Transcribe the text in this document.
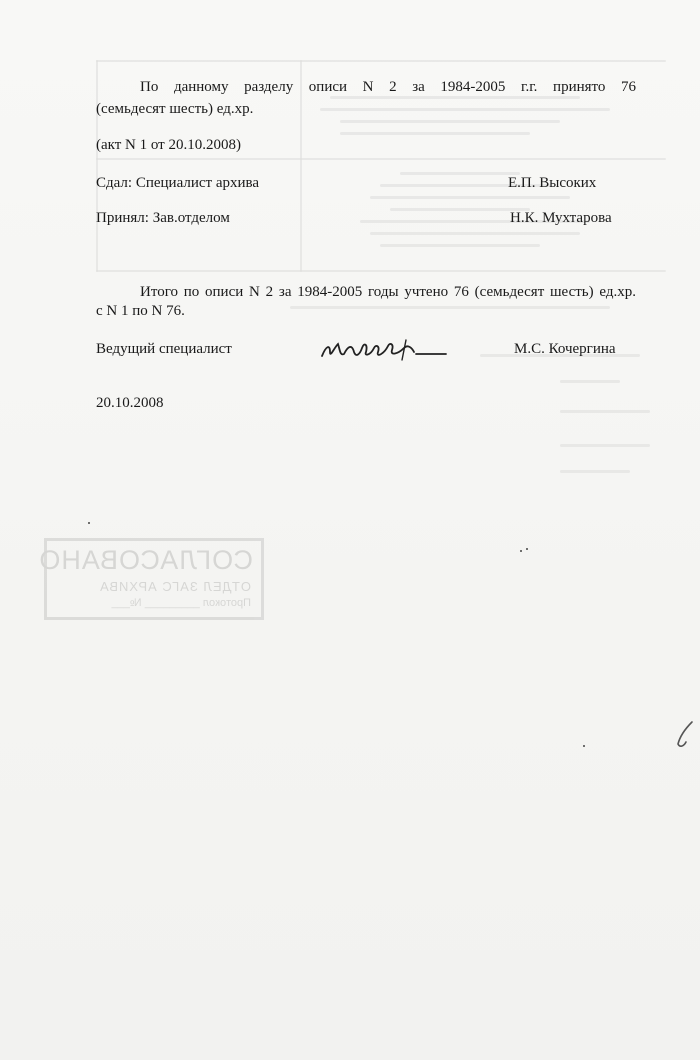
По данному разделу описи N 2 за 1984-2005 г.г. принято 76
(семьдесят шесть) ед.хр.
(акт N 1 от 20.10.2008)
Сдал: Специалист архива	Е.П. Высоких
Принял: Зав.отделом	Н.К. Мухтарова
Итого по описи N 2 за 1984-2005 годы учтено 76 (семьдесят шесть) ед.хр.
с N 1 по N 76.
Ведущий специалист	М.С. Кочергина
20.10.2008
СОГЛАСОВАНО
ОТДЕЛ ЗАГС АРХИВА
Протокол _________ №___
